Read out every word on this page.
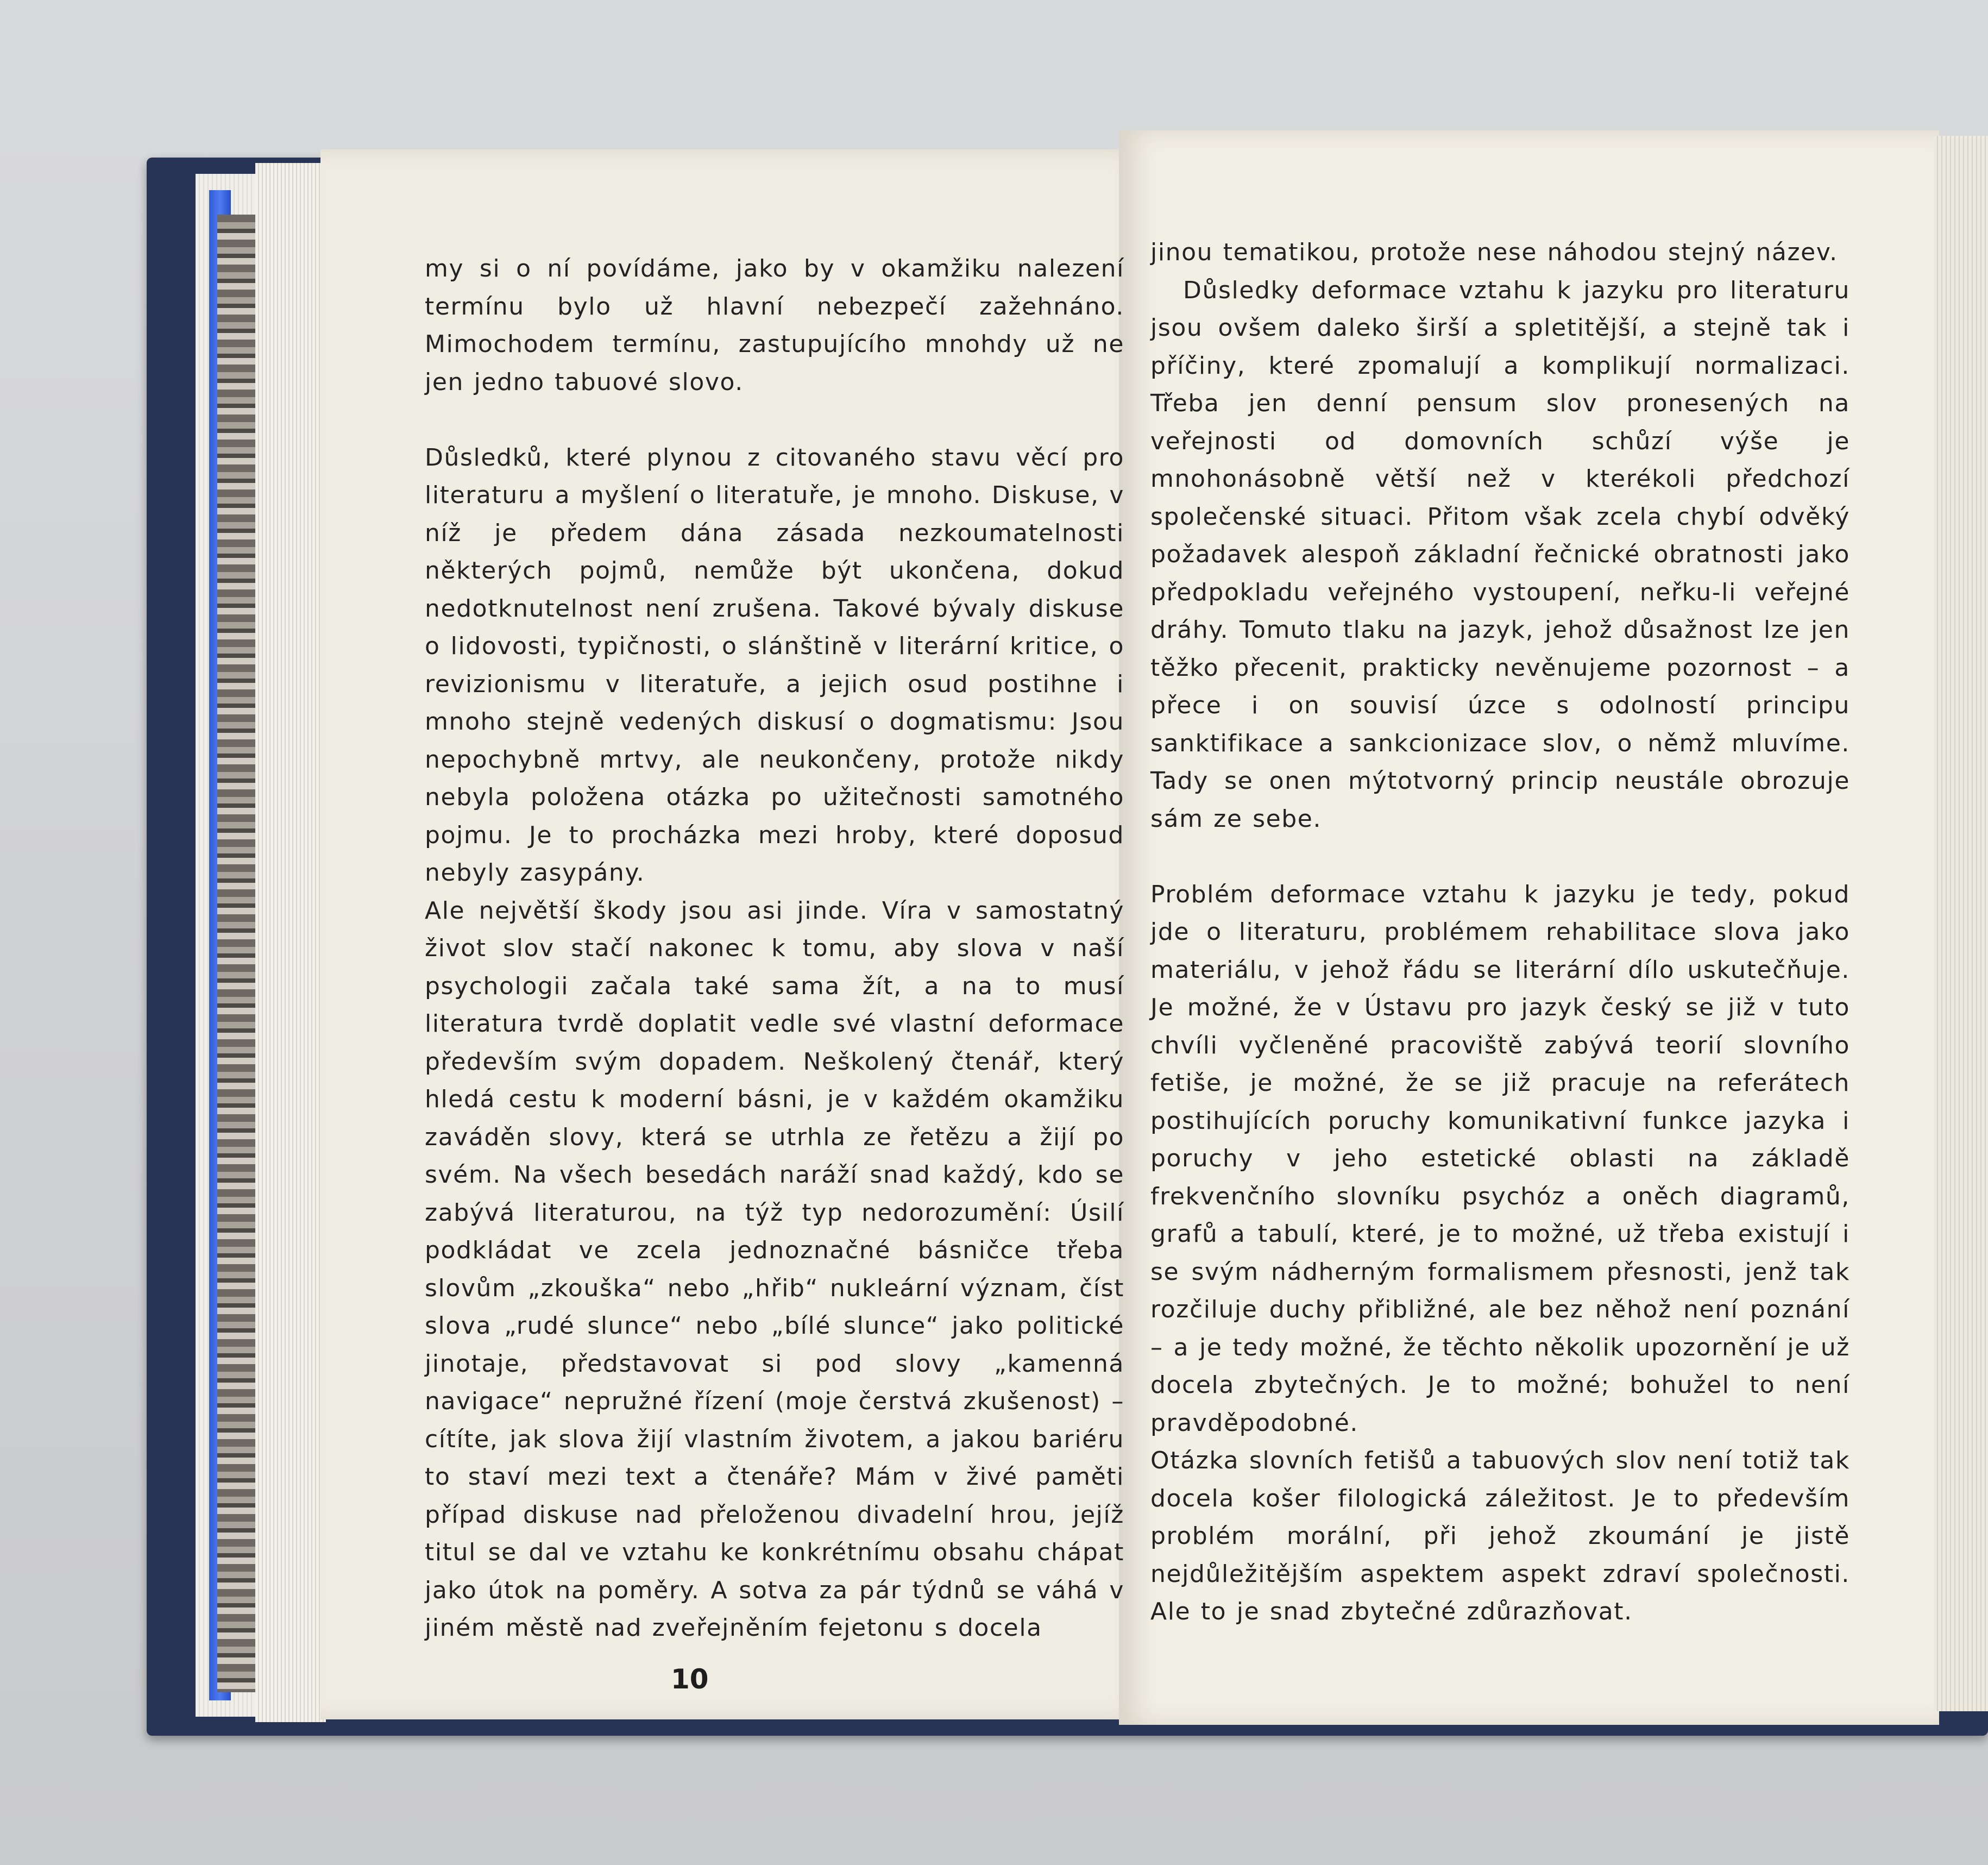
my si o ní povídáme, jako by v okamžiku nalezení termínu bylo už hlavní nebezpečí zažehnáno. Mimochodem termínu, zastupujícího mnohdy už ne jen jedno tabuové slovo.

Důsledků, které plynou z citovaného stavu věcí pro literaturu a myšlení o literatuře, je mnoho. Diskuse, v níž je předem dána zásada nezkoumatelnosti některých pojmů, nemůže být ukončena, dokud nedotknutelnost není zrušena. Takové bývaly diskuse o lidovosti, typičnosti, o slánštině v literární kritice, o revizionismu v literatuře, a jejich osud postihne i mnoho stejně vedených diskusí o dogmatismu: Jsou nepochybně mrtvy, ale neukončeny, protože nikdy nebyla položena otázka po užitečnosti samotného pojmu. Je to procházka mezi hroby, které doposud nebyly zasypány.

Ale největší škody jsou asi jinde. Víra v samostatný život slov stačí nakonec k tomu, aby slova v naší psychologii začala také sama žít, a na to musí literatura tvrdě doplatit vedle své vlastní deformace především svým dopadem. Neškolený čtenář, který hledá cestu k moderní básni, je v každém okamžiku zaváděn slovy, která se utrhla ze řetězu a žijí po svém. Na všech besedách naráží snad každý, kdo se zabývá literaturou, na týž typ nedorozumění: Úsilí podkládat ve zcela jednoznačné básničce třeba slovům „zkouška“ nebo „hřib“ nukleární význam, číst slova „rudé slunce“ nebo „bílé slunce“ jako politické jinotaje, představovat si pod slovy „kamenná navigace“ nepružné řízení (moje čerstvá zkušenost) – cítíte, jak slova žijí vlastním životem, a jakou bariéru to staví mezi text a čtenáře? Mám v živé paměti případ diskuse nad přeloženou divadelní hrou, jejíž titul se dal ve vztahu ke konkrétnímu obsahu chápat jako útok na poměry. A sotva za pár týdnů se váhá v jiném městě nad zveřejněním fejetonu s docela

10

jinou tematikou, protože nese náhodou stejný název.

Důsledky deformace vztahu k jazyku pro literaturu jsou ovšem daleko širší a spletitější, a stejně tak i příčiny, které zpomalují a komplikují normalizaci. Třeba jen denní pensum slov pronesených na veřejnosti od domovních schůzí výše je mnohonásobně větší než v kterékoli předchozí společenské situaci. Přitom však zcela chybí odvěký požadavek alespoň základní řečnické obratnosti jako předpokladu veřejného vystoupení, neřku-li veřejné dráhy. Tomuto tlaku na jazyk, jehož důsažnost lze jen těžko přecenit, prakticky nevěnujeme pozornost – a přece i on souvisí úzce s odolností principu sanktifikace a sankcionizace slov, o němž mluvíme. Tady se onen mýtotvorný princip neustále obrozuje sám ze sebe.

Problém deformace vztahu k jazyku je tedy, pokud jde o literaturu, problémem rehabilitace slova jako materiálu, v jehož řádu se literární dílo uskutečňuje. Je možné, že v Ústavu pro jazyk český se již v tuto chvíli vyčleněné pracoviště zabývá teorií slovního fetiše, je možné, že se již pracuje na referátech postihujících poruchy komunikativní funkce jazyka i poruchy v jeho estetické oblasti na základě frekvenčního slovníku psychóz a oněch diagramů, grafů a tabulí, které, je to možné, už třeba existují i se svým nádherným formalismem přesnosti, jenž tak rozčiluje duchy přibližné, ale bez něhož není poznání – a je tedy možné, že těchto několik upozornění je už docela zbytečných. Je to možné; bohužel to není pravděpodobné.

Otázka slovních fetišů a tabuových slov není totiž tak docela košer filologická záležitost. Je to především problém morální, při jehož zkoumání je jistě nejdůležitějším aspektem aspekt zdraví společnosti. Ale to je snad zbytečné zdůrazňovat.
